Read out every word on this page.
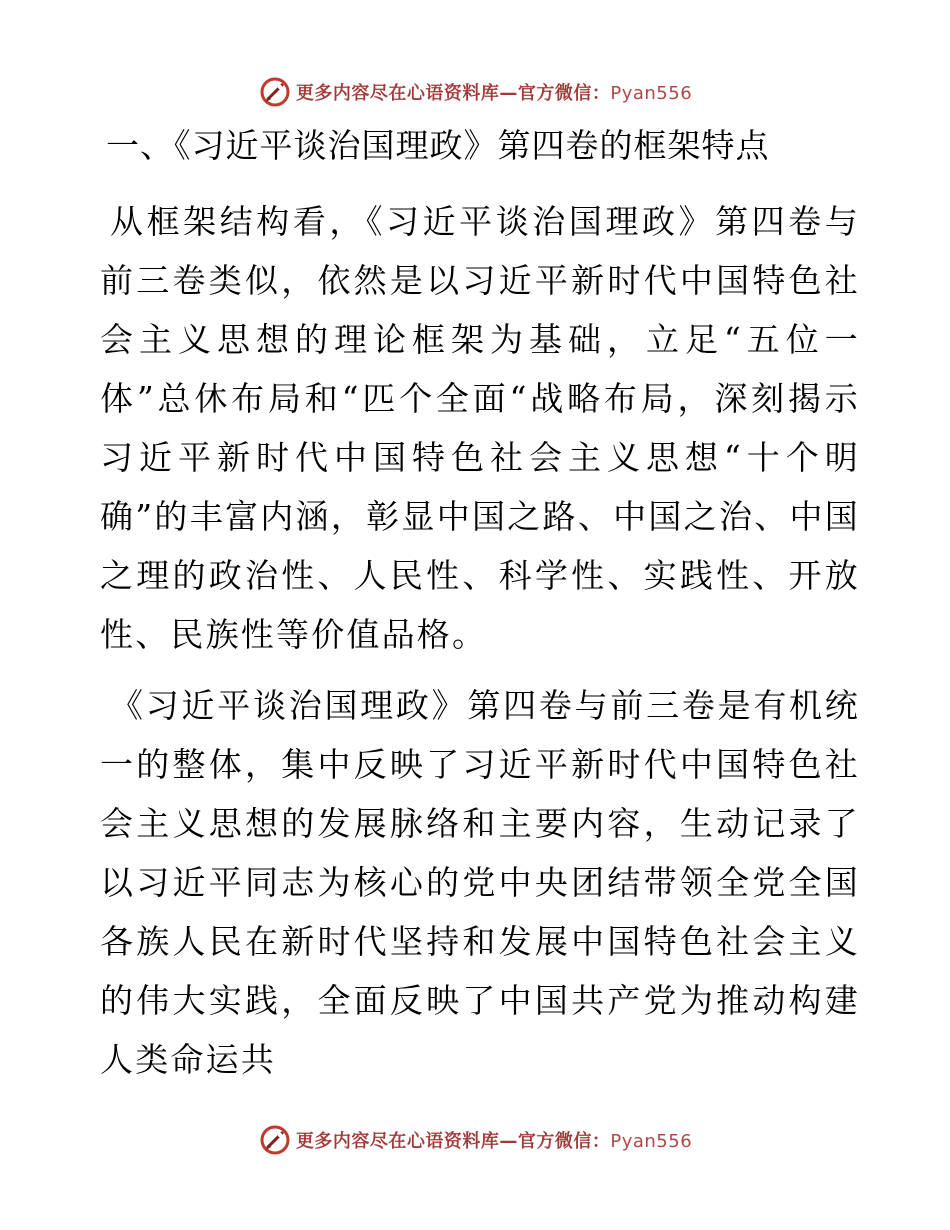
更多内容尽在心语资料库—官方微信：Pyan556
一、《习近平谈治国理政》第四卷的框架特点

从框架结构看，《习近平谈治国理政》第四卷与前三卷类似，依然是以习近平新时代中国特色社会主义思想的理论框架为基础，立足“五位一体”总休布局和“匹个全面“战略布局，深刻揭示习近平新时代中国特色社会主义思想“十个明确”的丰富内涵，彰显中国之路、中国之治、中国之理的政治性、人民性、科学性、实践性、开放性、民族性等价值品格。

《习近平谈治国理政》第四卷与前三卷是有机统一的整体，集中反映了习近平新时代中国特色社会主义思想的发展脉络和主要内容，生动记录了以习近平同志为核心的党中央团结带领全党全国各族人民在新时代坚持和发展中国特色社会主义的伟大实践，全面反映了中国共产党为推动构建人类命运共

更多内容尽在心语资料库—官方微信：Pyan556
